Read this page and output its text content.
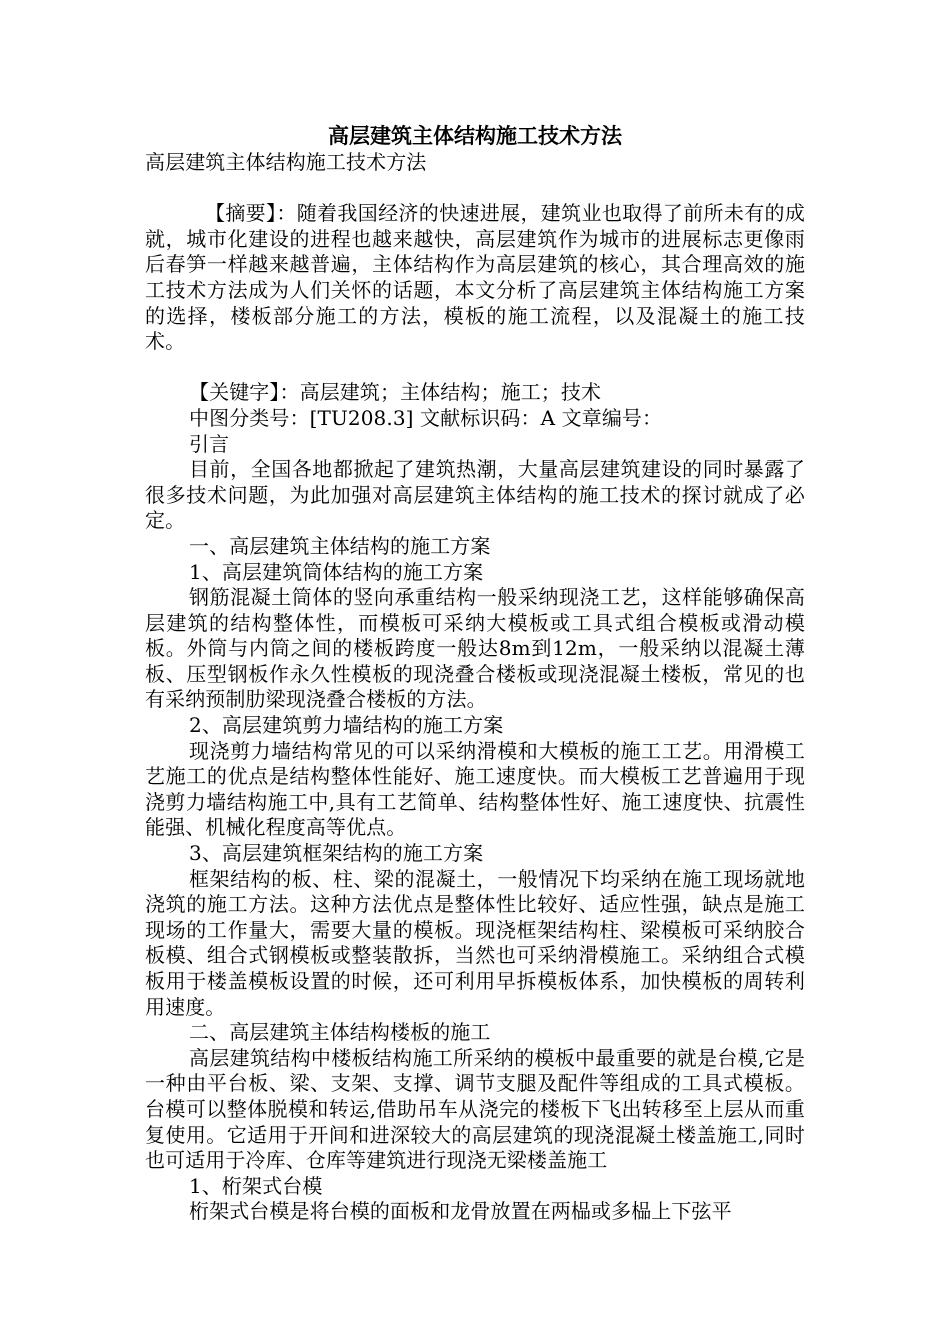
高层建筑主体结构施工技术方法

高层建筑主体结构施工技术方法

【摘要】：随着我国经济的快速进展，建筑业也取得了前所未有的成就，城市化建设的进程也越来越快，高层建筑作为城市的进展标志更像雨后春笋一样越来越普遍，主体结构作为高层建筑的核心，其合理高效的施工技术方法成为人们关怀的话题，本文分析了高层建筑主体结构施工方案的选择，楼板部分施工的方法，模板的施工流程，以及混凝土的施工技术。

【关键字】：高层建筑；主体结构；施工；技术

中图分类号：[TU208.3] 文献标识码：A 文章编号：

引言

目前，全国各地都掀起了建筑热潮，大量高层建筑建设的同时暴露了很多技术问题，为此加强对高层建筑主体结构的施工技术的探讨就成了必定。

一、高层建筑主体结构的施工方案

1、高层建筑筒体结构的施工方案

钢筋混凝土筒体的竖向承重结构一般采纳现浇工艺，这样能够确保高层建筑的结构整体性，而模板可采纳大模板或工具式组合模板或滑动模板。外筒与内筒之间的楼板跨度一般达8m到12m，一般采纳以混凝土薄板、压型钢板作永久性模板的现浇叠合楼板或现浇混凝土楼板，常见的也有采纳预制肋梁现浇叠合楼板的方法。

2、高层建筑剪力墙结构的施工方案

现浇剪力墙结构常见的可以采纳滑模和大模板的施工工艺。用滑模工艺施工的优点是结构整体性能好、施工速度快。而大模板工艺普遍用于现浇剪力墙结构施工中,具有工艺简单、结构整体性好、施工速度快、抗震性能强、机械化程度高等优点。

3、高层建筑框架结构的施工方案

框架结构的板、柱、梁的混凝土，一般情况下均采纳在施工现场就地浇筑的施工方法。这种方法优点是整体性比较好、适应性强，缺点是施工现场的工作量大，需要大量的模板。现浇框架结构柱、梁模板可采纳胶合板模、组合式钢模板或整装散拆，当然也可采纳滑模施工。采纳组合式模板用于楼盖模板设置的时候，还可利用早拆模板体系，加快模板的周转利用速度。

二、高层建筑主体结构楼板的施工

高层建筑结构中楼板结构施工所采纳的模板中最重要的就是台模,它是一种由平台板、梁、支架、支撑、调节支腿及配件等组成的工具式模板。台模可以整体脱模和转运,借助吊车从浇完的楼板下飞出转移至上层从而重复使用。它适用于开间和进深较大的高层建筑的现浇混凝土楼盖施工,同时也可适用于冷库、仓库等建筑进行现浇无梁楼盖施工

1、桁架式台模

桁架式台模是将台模的面板和龙骨放置在两榀或多榀上下弦平
